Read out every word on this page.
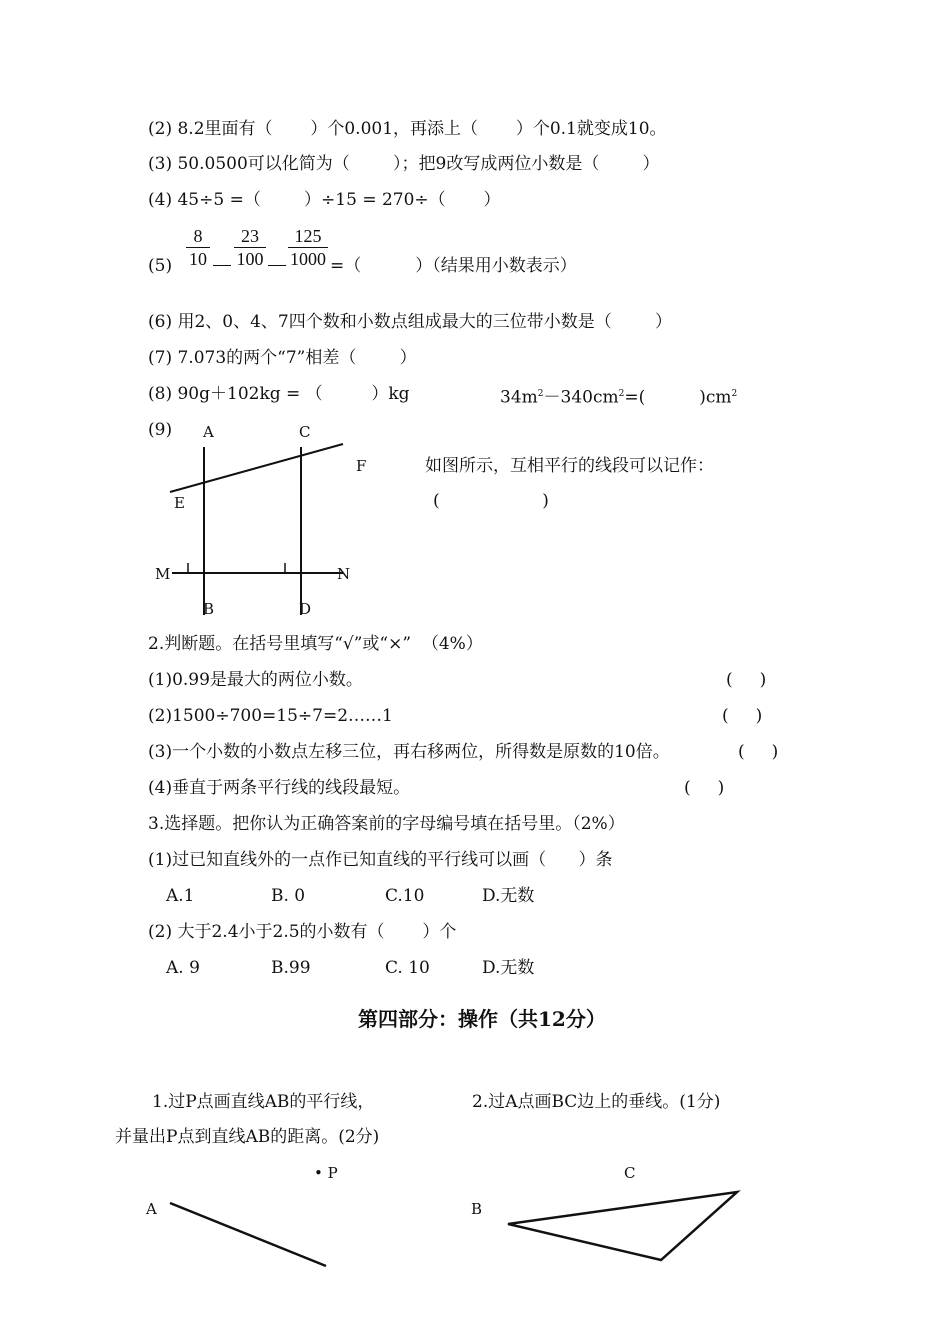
(2) 8.2里面有（       ）个0.001，再添上（       ）个0.1就变成10。
(3) 50.0500可以化简为（        ）；把9改写成两位小数是（        ）
(4) 45÷5 =（        ）÷15 = 270÷（       ）
$(5) \frac{8}{10} \frac{23}{100} \frac{125}{1000}$ =（          ）（结果用小数表示）
(6) 用2、0、4、7四个数和小数点组成最大的三位带小数是（        ）
(7) 7.073的两个“7”相差（        ）
(8) 90g＋102kg = （         ）kg	$34m^2-340cm^2=$(          )$cm^2$
(9)
如图所示，互相平行的线段可以记作：
(                   )
A	C
F
E
M	N
B	D
A
• P
B
C
2.判断题。在括号里填写“√”或“×”  （4%）
(1)0.99是最大的两位小数。	(     )
(2)1500÷700=15÷7=2……1	(     )
(3)一个小数的小数点左移三位，再右移两位，所得数是原数的10倍。	(     )
(4)垂直于两条平行线的线段最短。	(     )
3.选择题。把你认为正确答案前的字母编号填在括号里。（2%）
(1)过已知直线外的一点作已知直线的平行线可以画（      ）条
A.1	B. 0	C.10	D.无数
(2) 大于2.4小于2.5的小数有（       ）个
A. 9	B.99	C. 10	D.无数
第四部分：操作（共12分）
1.过P点画直线AB的平行线，
并量出P点到直线AB的距离。(2分)
2.过A点画BC边上的垂线。(1分)
